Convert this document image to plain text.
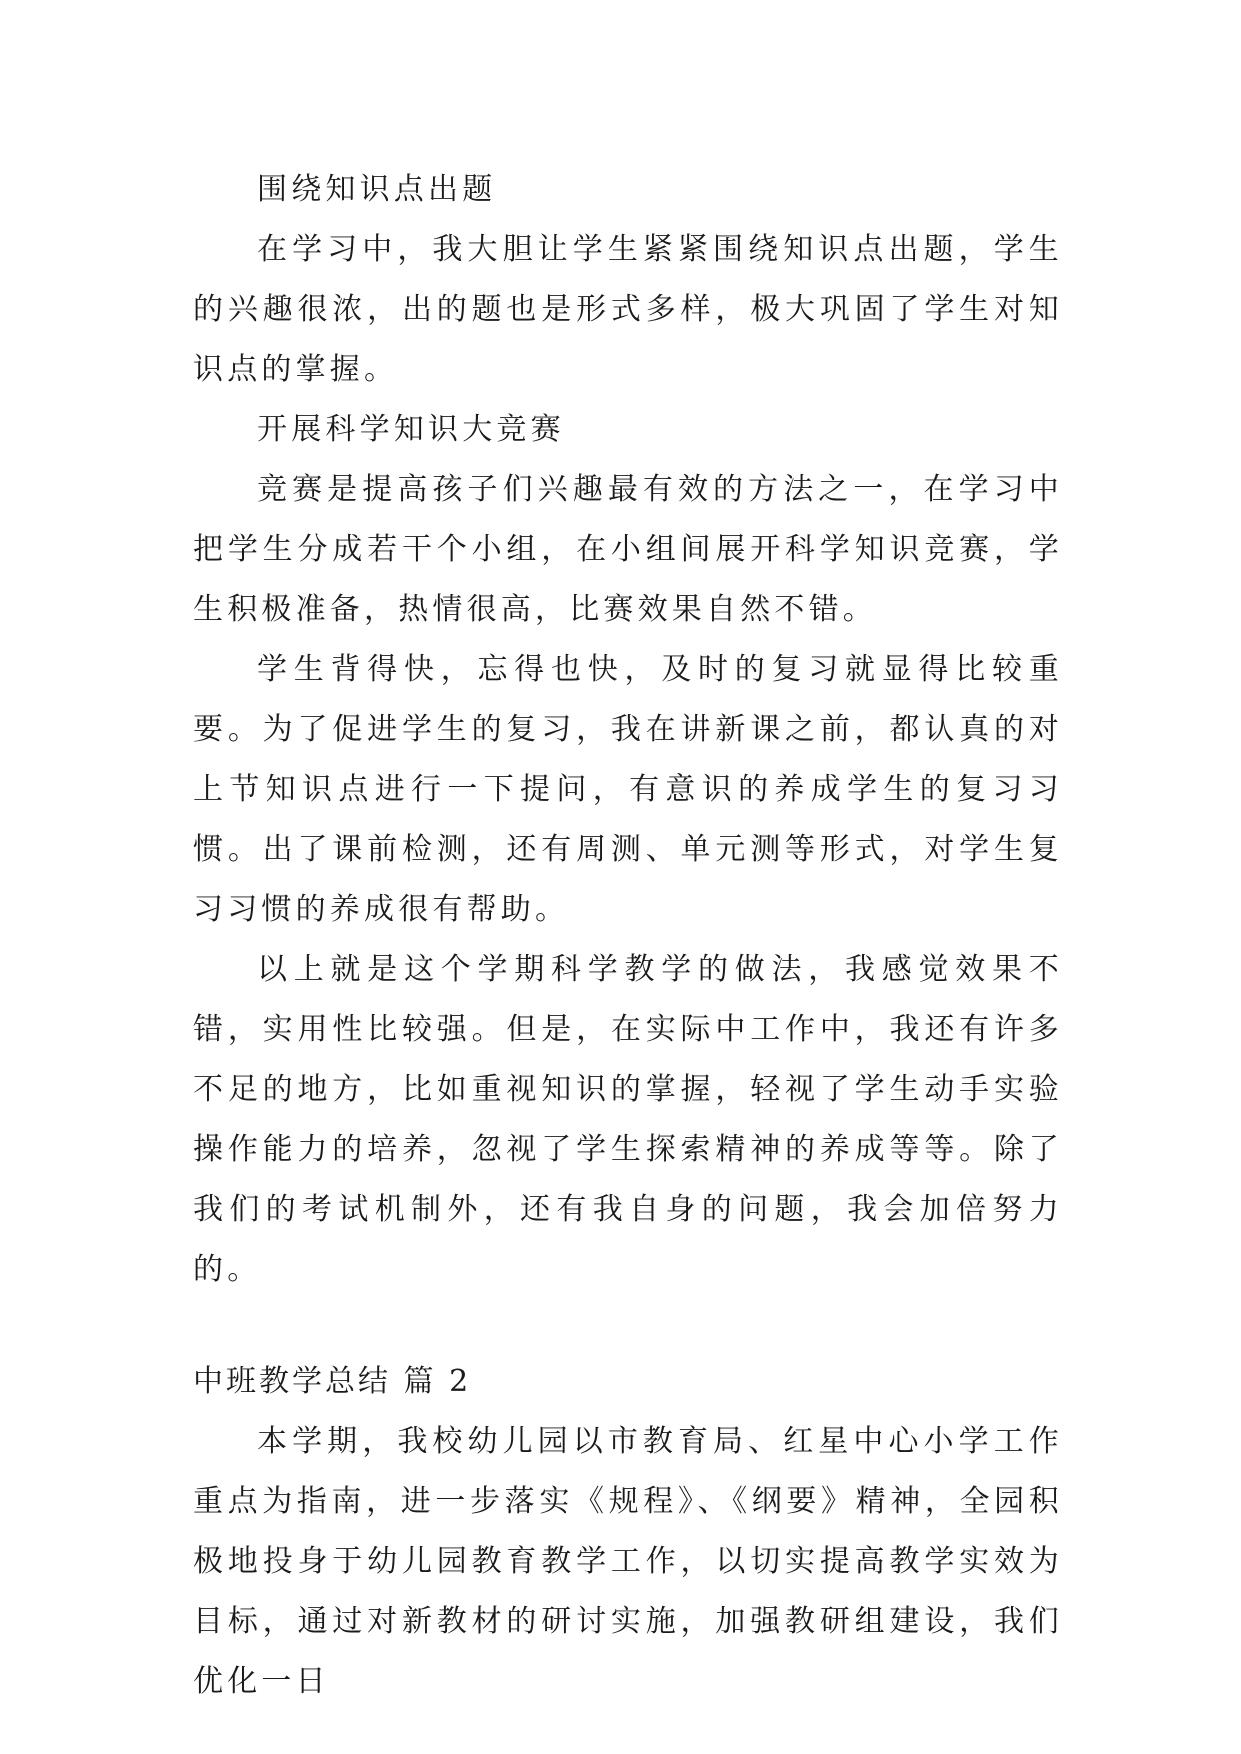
围绕知识点出题

在学习中，我大胆让学生紧紧围绕知识点出题，学生的兴趣很浓，出的题也是形式多样，极大巩固了学生对知识点的掌握。

开展科学知识大竞赛

竞赛是提高孩子们兴趣最有效的方法之一，在学习中把学生分成若干个小组，在小组间展开科学知识竞赛，学生积极准备，热情很高，比赛效果自然不错。

学生背得快，忘得也快，及时的复习就显得比较重要。为了促进学生的复习，我在讲新课之前，都认真的对上节知识点进行一下提问，有意识的养成学生的复习习惯。出了课前检测，还有周测、单元测等形式，对学生复习习惯的养成很有帮助。

以上就是这个学期科学教学的做法，我感觉效果不错，实用性比较强。但是，在实际中工作中，我还有许多不足的地方，比如重视知识的掌握，轻视了学生动手实验操作能力的培养，忽视了学生探索精神的养成等等。除了我们的考试机制外，还有我自身的问题，我会加倍努力的。

中班教学总结 篇 2

本学期，我校幼儿园以市教育局、红星中心小学工作重点为指南，进一步落实《规程》、《纲要》精神，全园积极地投身于幼儿园教育教学工作，以切实提高教学实效为目标，通过对新教材的研讨实施，加强教研组建设，我们优化一日
